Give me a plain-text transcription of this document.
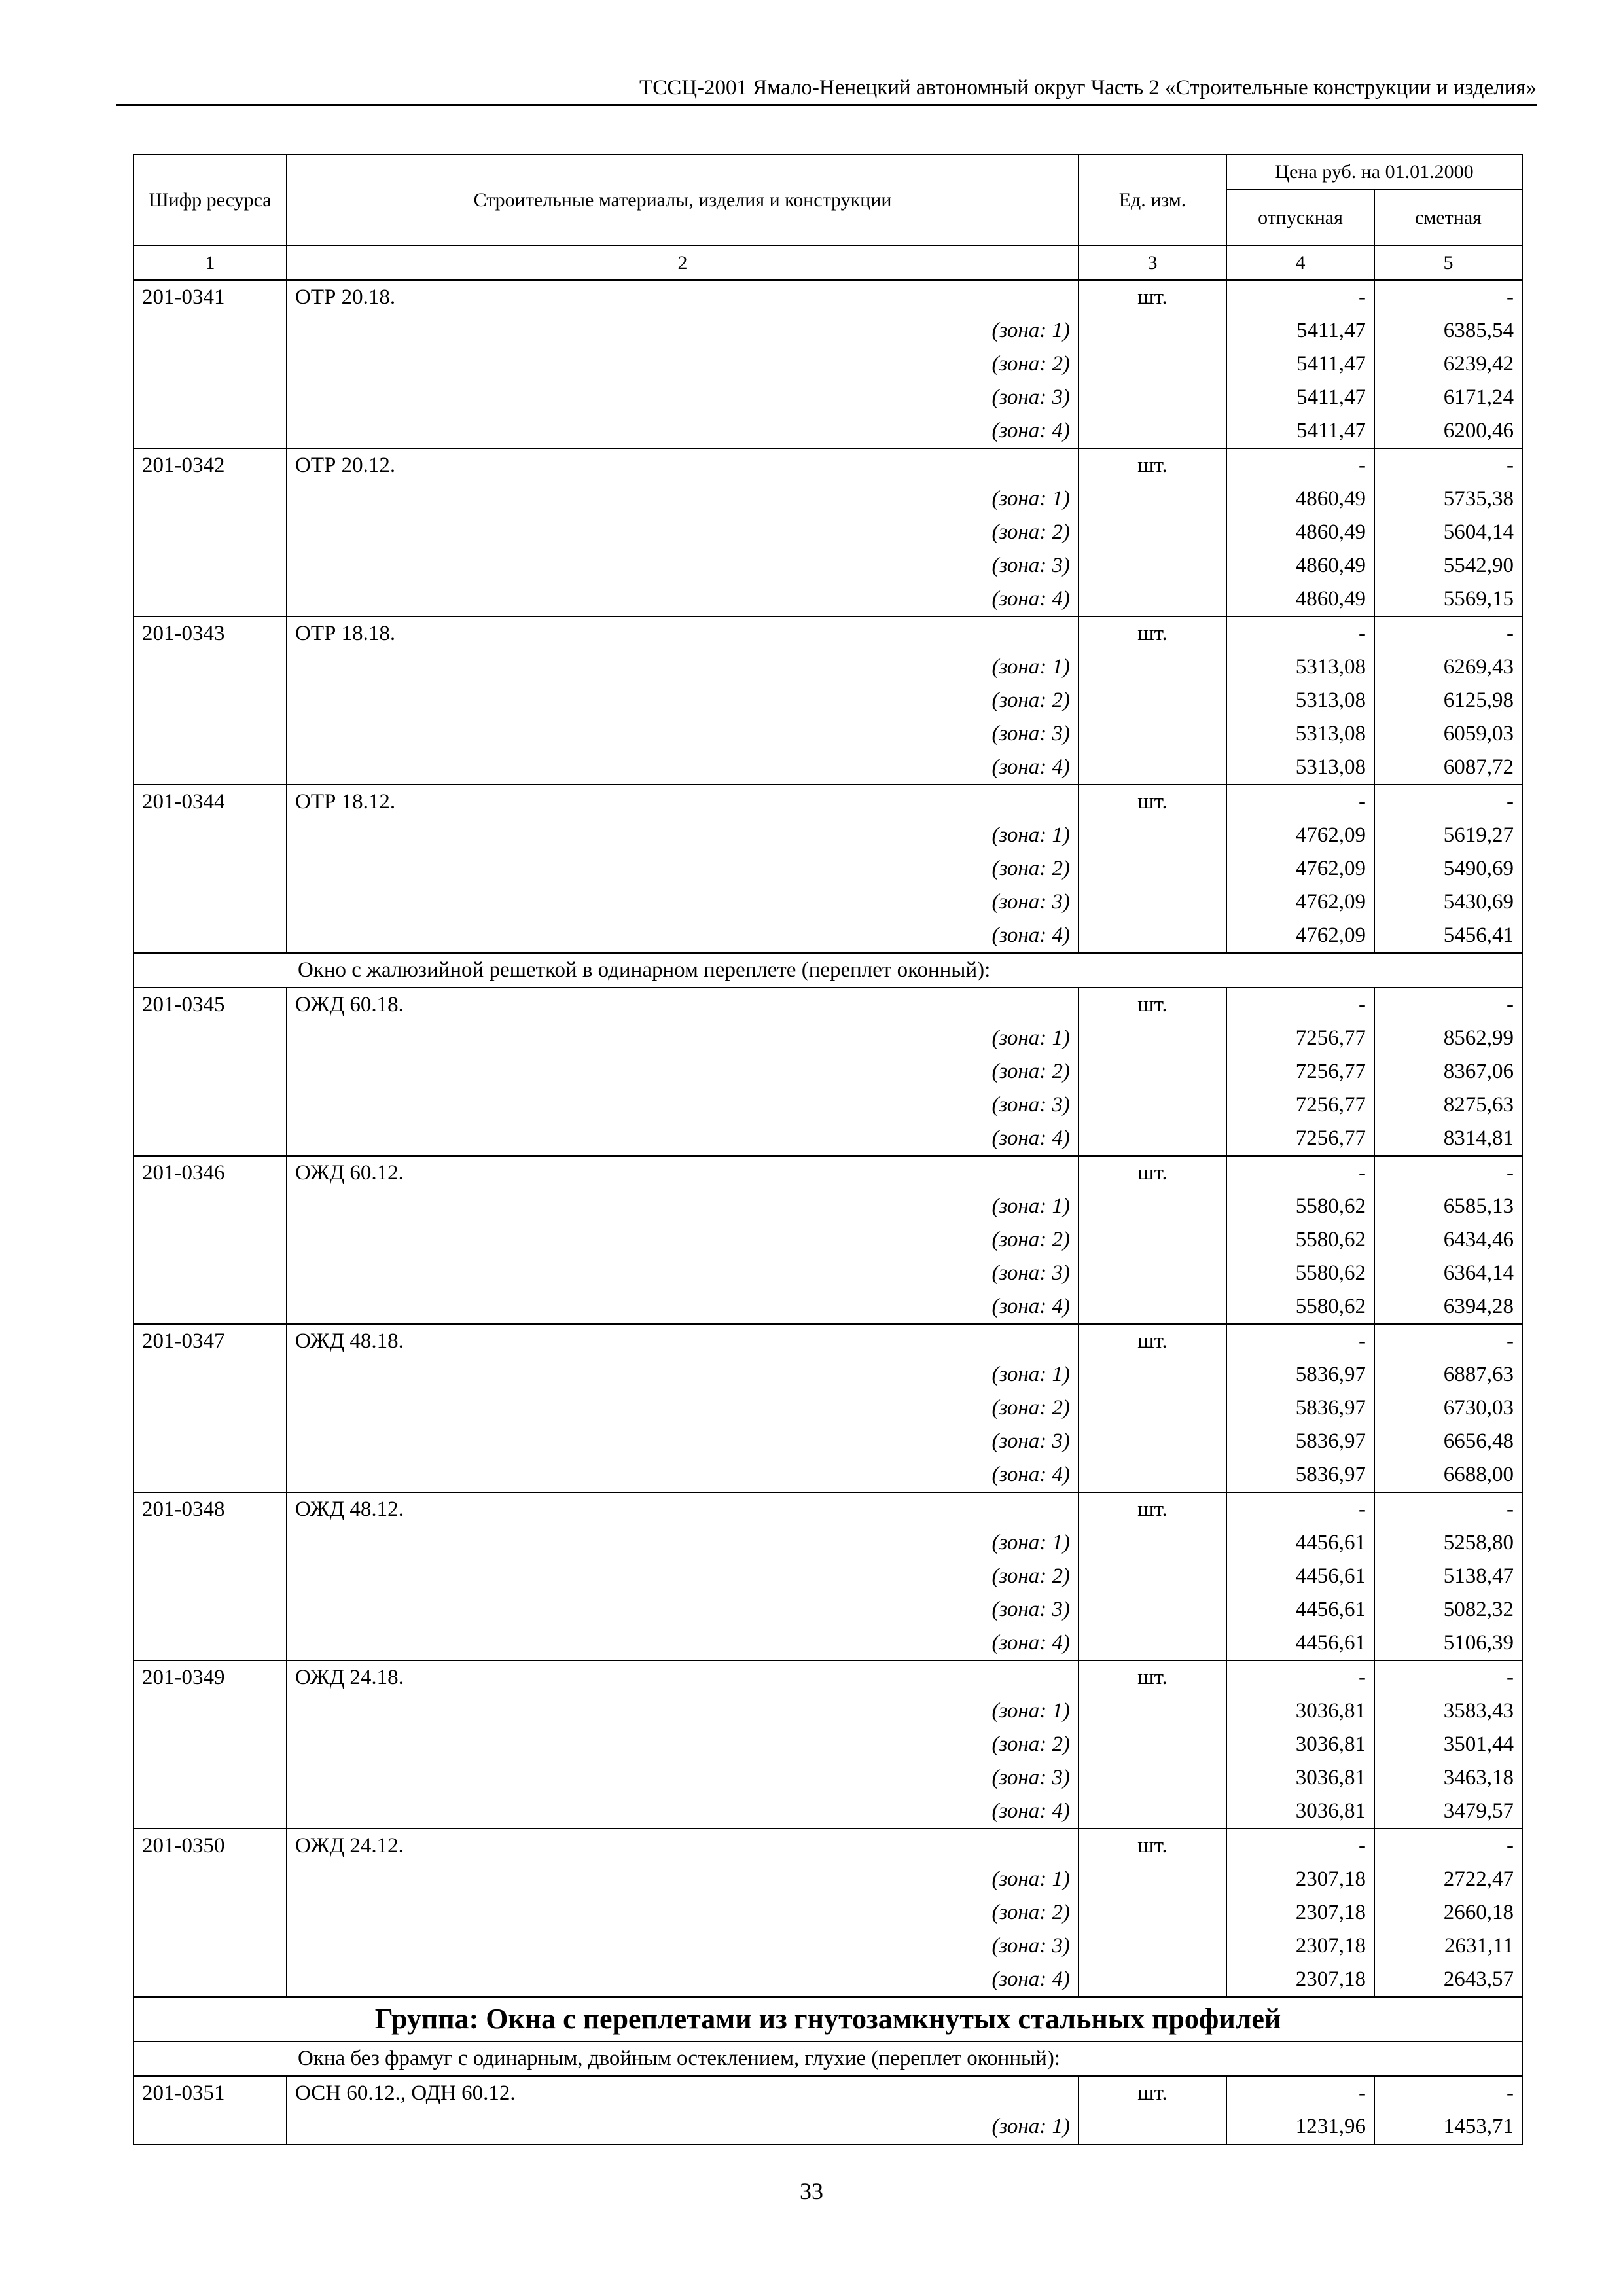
ТССЦ-2001 Ямало-Ненецкий автономный округ Часть 2 «Строительные конструкции и изделия»
Шифр ресурса	Строительные материалы, изделия и конструкции	Ед. изм.	Цена руб. на 01.01.2000	
			отпускная	сметная
1	2	3	4	5
201-0341	ОТР 20.18.	шт.	-	-
	(зона: 1)		5411,47	6385,54
	(зона: 2)		5411,47	6239,42
	(зона: 3)		5411,47	6171,24
	(зона: 4)		5411,47	6200,46
201-0342	ОТР 20.12.	шт.	-	-
	(зона: 1)		4860,49	5735,38
	(зона: 2)		4860,49	5604,14
	(зона: 3)		4860,49	5542,90
	(зона: 4)		4860,49	5569,15
201-0343	ОТР 18.18.	шт.	-	-
	(зона: 1)		5313,08	6269,43
	(зона: 2)		5313,08	6125,98
	(зона: 3)		5313,08	6059,03
	(зона: 4)		5313,08	6087,72
201-0344	ОТР 18.12.	шт.	-	-
	(зона: 1)		4762,09	5619,27
	(зона: 2)		4762,09	5490,69
	(зона: 3)		4762,09	5430,69
	(зона: 4)		4762,09	5456,41
Окно с жалюзийной решеткой в одинарном переплете (переплет оконный):				
201-0345	ОЖД 60.18.	шт.	-	-
	(зона: 1)		7256,77	8562,99
	(зона: 2)		7256,77	8367,06
	(зона: 3)		7256,77	8275,63
	(зона: 4)		7256,77	8314,81
201-0346	ОЖД 60.12.	шт.	-	-
	(зона: 1)		5580,62	6585,13
	(зона: 2)		5580,62	6434,46
	(зона: 3)		5580,62	6364,14
	(зона: 4)		5580,62	6394,28
201-0347	ОЖД 48.18.	шт.	-	-
	(зона: 1)		5836,97	6887,63
	(зона: 2)		5836,97	6730,03
	(зона: 3)		5836,97	6656,48
	(зона: 4)		5836,97	6688,00
201-0348	ОЖД 48.12.	шт.	-	-
	(зона: 1)		4456,61	5258,80
	(зона: 2)		4456,61	5138,47
	(зона: 3)		4456,61	5082,32
	(зона: 4)		4456,61	5106,39
201-0349	ОЖД 24.18.	шт.	-	-
	(зона: 1)		3036,81	3583,43
	(зона: 2)		3036,81	3501,44
	(зона: 3)		3036,81	3463,18
	(зона: 4)		3036,81	3479,57
201-0350	ОЖД 24.12.	шт.	-	-
	(зона: 1)		2307,18	2722,47
	(зона: 2)		2307,18	2660,18
	(зона: 3)		2307,18	2631,11
	(зона: 4)		2307,18	2643,57
Группа: Окна с переплетами из гнутозамкнутых стальных профилей				
Окна без фрамуг с одинарным, двойным остеклением, глухие (переплет оконный):				
201-0351	ОСН 60.12., ОДН 60.12.	шт.	-	-
	(зона: 1)		1231,96	1453,71
33
